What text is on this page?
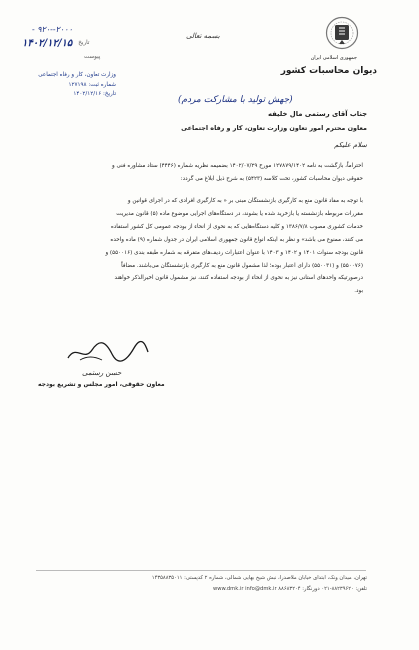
جمهوری اسلامی ایران
دیوان محاسبات کشور
بسمه تعالی
۲۰۰۰--۹۲۰ -
تاریخ
۱۴۰۲/۱۲/۱۵
پیوست
وزارت تعاون، کار و رفاه اجتماعی
شماره ثبت: ۱۲۷۱۹۸
تاریخ: ۱۴۰۲/۱۲/۱۶
(جهش تولید با مشارکت مردم)
جناب آقای رستمی مال خلیفه
معاون محترم امور تعاون وزارت تعاون، کار و رفاه اجتماعی
سلام علیکم
احتراماً، بازگشت به نامه ۱۲۷۸۷۹/۱۴۰۲ مورخ ۱۴۰۲/۰۷/۲۹ بضمیمه نظریه شماره (۴۴۴۶) ستاد مشاوره فنی و
حقوقی دیوان محاسبات کشور، تحت کلاسه (۵۴۲۳) به شرح ذیل ابلاغ می گردد:
با توجه به مفاد قانون منع به کارگیری بازنشستگان مبنی بر « به کارگیری افرادی که در اجرای قوانین و
مقررات مربوطه بازنشسته یا بازخرید شده یا بشوند، در دستگاه‌های اجرایی موضوع ماده (۵) قانون مدیریت
خدمات کشوری مصوب ۱۳۸۶/۷/۸ و کلیه دستگاه‌هایی که به نحوی از انحاء از بودجه عمومی کل کشور استفاده
می کنند، ممنوع می باشد» و نظر به اینکه انواع قانون جمهوری اسلامی ایران در جدول شماره (۹) ماده واحده
قانون بودجه سنوات ۱۴۰۱ و ۱۴۰۲ و ۱۴۰۳ با عنوان اعتبارات ردیف‌های متفرقه به شماره طبقه بندی (۵۵۰۰۱۶) و
(۵۵۰۰۷۶) و (۵۵۰۰۳۱) دارای اعتبار بوده؛ لذا مشمول قانون منع به کارگیری بازنشستگان می‌باشند. مضافاً
درصورتیکه واحدهای استانی نیز به نحوی از انحاء از بودجه استفاده کنند، نیز مشمول قانون اخیرالذکر خواهند
بود.
حسن رستمی
معاون حقوقی، امور مجلس و تشریع بودجه
تهران، میدان ونک، ابتدای خیابان ملاصدرا، نبش شیخ بهایی شمالی، شماره ۲ کدپستی: ۱۴۳۵۸۸۳۵۰۱۱
تلفن: ۸۸۲۳۹۶۲۰-۰۲۱ دورنگار: ۸۸۶۸۳۲۰۴ www.dmk.ir info@dmk.ir
